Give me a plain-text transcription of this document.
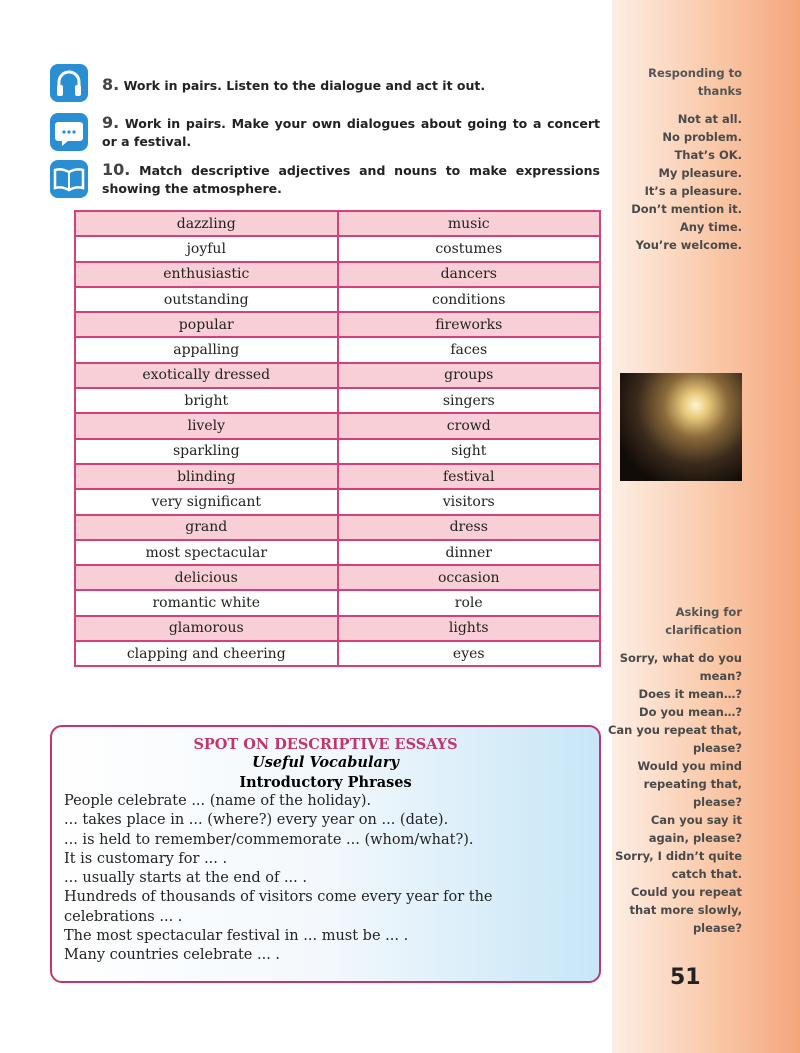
Responding to
thanks
Not at all.
No problem.
That’s OK.
My pleasure.
It’s a pleasure.
Don’t mention it.
Any time.
You’re welcome.
Asking for
clarification
Sorry, what do you
mean?
Does it mean…?
Do you mean…?
Can you repeat that,
please?
Would you mind
repeating that,
please?
Can you say it
again, please?
Sorry, I didn’t quite
catch that.
Could you repeat
that more slowly,
please?
8. Work in pairs. Listen to the dialogue and act it out.
9. Work in pairs. Make your own dialogues about going to a concert or a festival.
10. Match descriptive adjectives and nouns to make expressions showing the atmosphere.
dazzling	music
joyful	costumes
enthusiastic	dancers
outstanding	conditions
popular	fireworks
appalling	faces
exotically dressed	groups
bright	singers
lively	crowd
sparkling	sight
blinding	festival
very significant	visitors
grand	dress
most spectacular	dinner
delicious	occasion
romantic white	role
glamorous	lights
clapping and cheering	eyes
SPOT ON DESCRIPTIVE ESSAYS
Useful Vocabulary
Introductory Phrases
People celebrate ... (name of the holiday).
... takes place in ... (where?) every year on ... (date).
... is held to remember/commemorate ... (whom/what?).
It is customary for ... .
... usually starts at the end of ... .
Hundreds of thousands of visitors come every year for the
celebrations ... .
The most spectacular festival in ... must be ... .
Many countries celebrate ... .
51
